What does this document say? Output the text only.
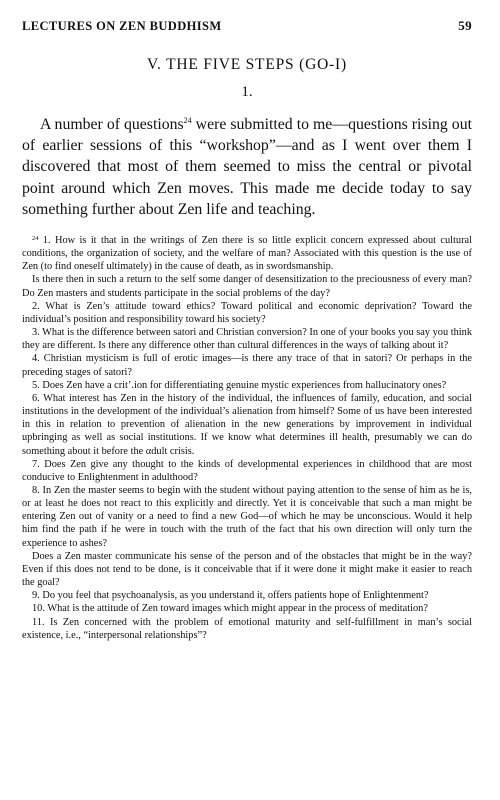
LECTURES ON ZEN BUDDHISM	59
V. THE FIVE STEPS (GO-I)
1.

A number of questions$^{24}$ were submitted to me—questions rising out of earlier sessions of this “workshop”—and as I went over them I discovered that most of them seemed to miss the central or pivotal point around which Zen moves. This made me decide today to say something further about Zen life and teaching.

$^{24}$ 1. How is it that in the writings of Zen there is so little explicit concern expressed about cultural conditions, the organization of society, and the welfare of man? Associated with this question is the use of Zen (to find oneself ultimately) in the cause of death, as in swordsmanship.

Is there then in such a return to the self some danger of desensitization to the preciousness of every man? Do Zen masters and students participate in the social problems of the day?

2. What is Zen’s attitude toward ethics? Toward political and economic deprivation? Toward the individual’s position and responsibility toward his society?

3. What is the difference between satori and Christian conversion? In one of your books you say you think they are different. Is there any difference other than cultural differences in the ways of talking about it?

4. Christian mysticism is full of erotic images—is there any trace of that in satori? Or perhaps in the preceding stages of satori?

5. Does Zen have a critʼ.ion for differentiating genuine mystic experiences from hallucinatory ones?

6. What interest has Zen in the history of the individual, the influences of family, education, and social institutions in the development of the individual’s alienation from himself? Some of us have been interested in this in relation to prevention of alienation in the new generations by improvement in individual upbringing as well as social institutions. If we know what determines ill health, presumably we can do something about it before the αdult crisis.

7. Does Zen give any thought to the kinds of developmental experiences in childhood that are most conducive to Enlightenment in adulthood?

8. In Zen the master seems to begin with the student without paying attention to the sense of him as he is, or at least he does not react to this explicitly and directly. Yet it is conceivable that such a man might be entering Zen out of vanity or a need to find a new God—of which he may be unconscious. Would it help him find the path if he were in touch with the truth of the fact that his own direction will only turn the experience to ashes?

Does a Zen master communicate his sense of the person and of the obstacles that might be in the way? Even if this does not tend to be done, is it conceivable that if it were done it might make it easier to reach the goal?

9. Do you feel that psychoanalysis, as you understand it, offers patients hope of Enlightenment?

10. What is the attitude of Zen toward images which might appear in the process of meditation?

11. Is Zen concerned with the problem of emotional maturity and self-fulfillment in man’s social existence, i.e., “interpersonal relationships”?
